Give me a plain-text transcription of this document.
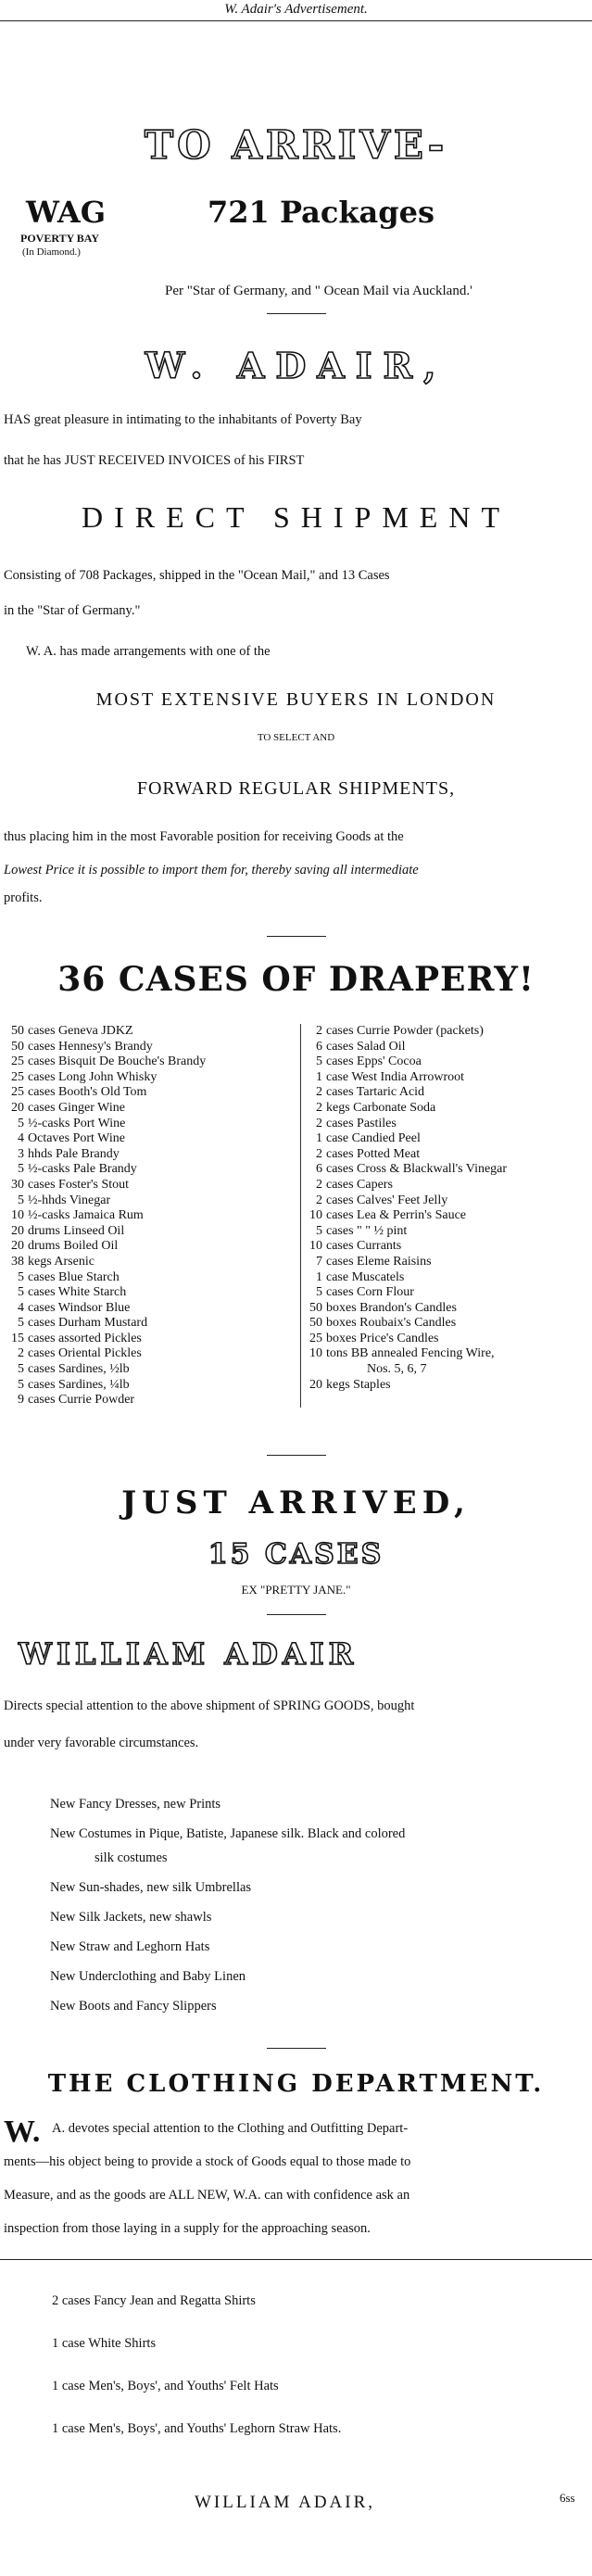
W. Adair's Advertisement.
TO ARRIVE-
WAG	721 Packages
POVERTY BAY
(In Diamond.)
Per "Star of Germany, and " Ocean Mail via Auckland.'
W. ADAIR,
HAS great pleasure in intimating to the inhabitants of Poverty Bay
that he has JUST RECEIVED INVOICES of his FIRST
DIRECT SHIPMENT
Consisting of 708 Packages, shipped in the "Ocean Mail," and 13 Cases
in the "Star of Germany."
W. A. has made arrangements with one of the
MOST EXTENSIVE BUYERS IN LONDON
TO SELECT AND
FORWARD REGULAR SHIPMENTS,
thus placing him in the most Favorable position for receiving Goods at the
Lowest Price it is possible to import them for, thereby saving all intermediate
profits.
36 CASES OF DRAPERY!
50 cases Geneva JDKZ
50 cases Hennesy's Brandy
25 cases Bisquit De Bouche's Brandy
25 cases Long John Whisky
25 cases Booth's Old Tom
20 cases Ginger Wine
5 ½-casks Port Wine
4 Octaves Port Wine
3 hhds Pale Brandy
5 ½-casks Pale Brandy
30 cases Foster's Stout
5 ½-hhds Vinegar
10 ½-casks Jamaica Rum
20 drums Linseed Oil
20 drums Boiled Oil
38 kegs Arsenic
5 cases Blue Starch
5 cases White Starch
4 cases Windsor Blue
5 cases Durham Mustard
15 cases assorted Pickles
2 cases Oriental Pickles
5 cases Sardines, ½lb
5 cases Sardines, ¼lb
9 cases Currie Powder
2 cases Currie Powder (packets)
6 cases Salad Oil
5 cases Epps' Cocoa
1 case West India Arrowroot
2 cases Tartaric Acid
2 kegs Carbonate Soda
2 cases Pastiles
1 case Candied Peel
2 cases Potted Meat
6 cases Cross & Blackwall's Vinegar
2 cases Capers
2 cases Calves' Feet Jelly
10 cases Lea & Perrin's Sauce
5 cases " " ½ pint
10 cases Currants
7 cases Eleme Raisins
1 case Muscatels
5 cases Corn Flour
50 boxes Brandon's Candles
50 boxes Roubaix's Candles
25 boxes Price's Candles
10 tons BB annealed Fencing Wire,
Nos. 5, 6, 7
20 kegs Staples
JUST ARRIVED,
15 CASES
EX "PRETTY JANE."
WILLIAM ADAIR
Directs special attention to the above shipment of SPRING GOODS, bought
under very favorable circumstances.
New Fancy Dresses, new Prints
New Costumes in Pique, Batiste, Japanese silk. Black and colored
silk costumes
New Sun-shades, new silk Umbrellas
New Silk Jackets, new shawls
New Straw and Leghorn Hats
New Underclothing and Baby Linen
New Boots and Fancy Slippers
THE CLOTHING DEPARTMENT.
W. A. devotes special attention to the Clothing and Outfitting Depart-
ments—his object being to provide a stock of Goods equal to those made to
Measure, and as the goods are ALL NEW, W.A. can with confidence ask an
inspection from those laying in a supply for the approaching season.
2 cases Fancy Jean and Regatta Shirts
1 case White Shirts
1 case Men's, Boys', and Youths' Felt Hats
1 case Men's, Boys', and Youths' Leghorn Straw Hats.
WILLIAM ADAIR,	6ss
